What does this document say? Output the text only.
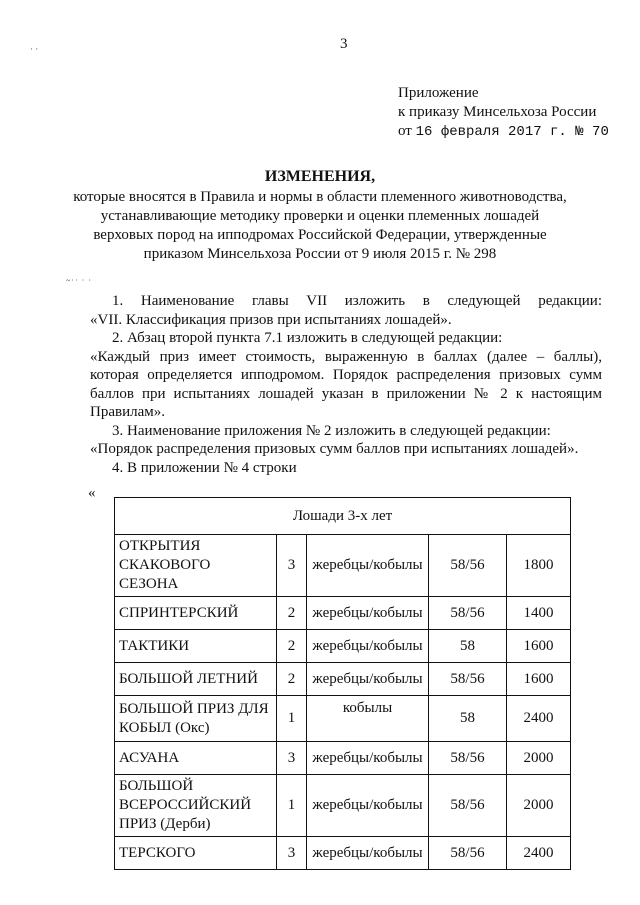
· ·	3
Приложение
к приказу Минсельхоза России
от 16 февраля 2017 г. № 70
ИЗМЕНЕНИЯ,
которые вносятся в Правила и нормы в области племенного животноводства,
устанавливающие методику проверки и оценки племенных лошадей
верховых пород на ипподромах Российской Федерации, утвержденные
приказом Минсельхоза России от 9 июля 2015 г. № 298
~·· · ·

1. Наименование главы VII изложить в следующей редакции:

«VII. Классификация призов при испытаниях лошадей».

2. Абзац второй пункта 7.1 изложить в следующей редакции:

«Каждый приз имеет стоимость, выраженную в баллах (далее – баллы), которая определяется ипподромом. Порядок распределения призовых сумм баллов при испытаниях лошадей указан в приложении № 2 к настоящим Правилам».

3. Наименование приложения № 2 изложить в следующей редакции:

«Порядок распределения призовых сумм баллов при испытаниях лошадей».

4. В приложении № 4 строки

«
Лошади 3-х лет				
ОТКРЫТИЯ СКАКОВОГО СЕЗОНА	3	жеребцы/кобылы	58/56	1800
СПРИНТЕРСКИЙ	2	жеребцы/кобылы	58/56	1400
ТАКТИКИ	2	жеребцы/кобылы	58	1600
БОЛЬШОЙ ЛЕТНИЙ	2	жеребцы/кобылы	58/56	1600
БОЛЬШОЙ ПРИЗ ДЛЯ КОБЫЛ (Окс)	1	кобылы	58	2400
АСУАНА	3	жеребцы/кобылы	58/56	2000
БОЛЬШОЙ ВСЕРОССИЙСКИЙ ПРИЗ (Дерби)	1	жеребцы/кобылы	58/56	2000
ТЕРСКОГО	3	жеребцы/кобылы	58/56	2400
